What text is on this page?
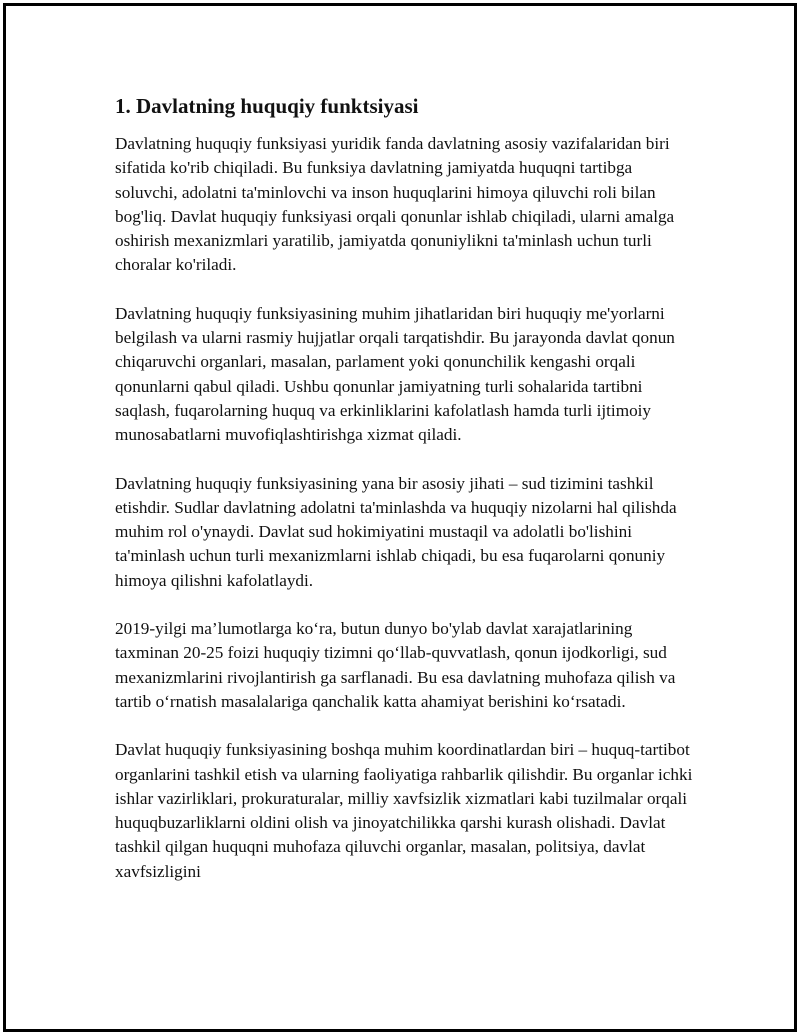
1. Davlatning huquqiy funktsiyasi

Davlatning huquqiy funksiyasi yuridik fanda davlatning asosiy vazifalaridan biri sifatida ko'rib chiqiladi. Bu funksiya davlatning jamiyatda huquqni tartibga soluvchi, adolatni ta'minlovchi va inson huquqlarini himoya qiluvchi roli bilan bog'liq. Davlat huquqiy funksiyasi orqali qonunlar ishlab chiqiladi, ularni amalga oshirish mexanizmlari yaratilib, jamiyatda qonuniylikni ta'minlash uchun turli choralar ko'riladi.

Davlatning huquqiy funksiyasining muhim jihatlaridan biri huquqiy me'yorlarni belgilash va ularni rasmiy hujjatlar orqali tarqatishdir. Bu jarayonda davlat qonun chiqaruvchi organlari, masalan, parlament yoki qonunchilik kengashi orqali qonunlarni qabul qiladi. Ushbu qonunlar jamiyatning turli sohalarida tartibni saqlash, fuqarolarning huquq va erkinliklarini kafolatlash hamda turli ijtimoiy munosabatlarni muvofiqlashtirishga xizmat qiladi.

Davlatning huquqiy funksiyasining yana bir asosiy jihati – sud tizimini tashkil etishdir. Sudlar davlatning adolatni ta'minlashda va huquqiy nizolarni hal qilishda muhim rol o'ynaydi. Davlat sud hokimiyatini mustaqil va adolatli bo'lishini ta'minlash uchun turli mexanizmlarni ishlab chiqadi, bu esa fuqarolarni qonuniy himoya qilishni kafolatlaydi.

2019-yilgi ma’lumotlarga ko‘ra, butun dunyo bo'ylab davlat xarajatlarining taxminan 20-25 foizi huquqiy tizimni qo‘llab-quvvatlash, qonun ijodkorligi, sud mexanizmlarini rivojlantirish ga sarflanadi. Bu esa davlatning muhofaza qilish va tartib o‘rnatish masalalariga qanchalik katta ahamiyat berishini ko‘rsatadi.

Davlat huquqiy funksiyasining boshqa muhim koordinatlardan biri – huquq-tartibot organlarini tashkil etish va ularning faoliyatiga rahbarlik qilishdir. Bu organlar ichki ishlar vazirliklari, prokuraturalar, milliy xavfsizlik xizmatlari kabi tuzilmalar orqali huquqbuzarliklarni oldini olish va jinoyatchilikka qarshi kurash olishadi. Davlat tashkil qilgan huquqni muhofaza qiluvchi organlar, masalan, politsiya, davlat xavfsizligini
